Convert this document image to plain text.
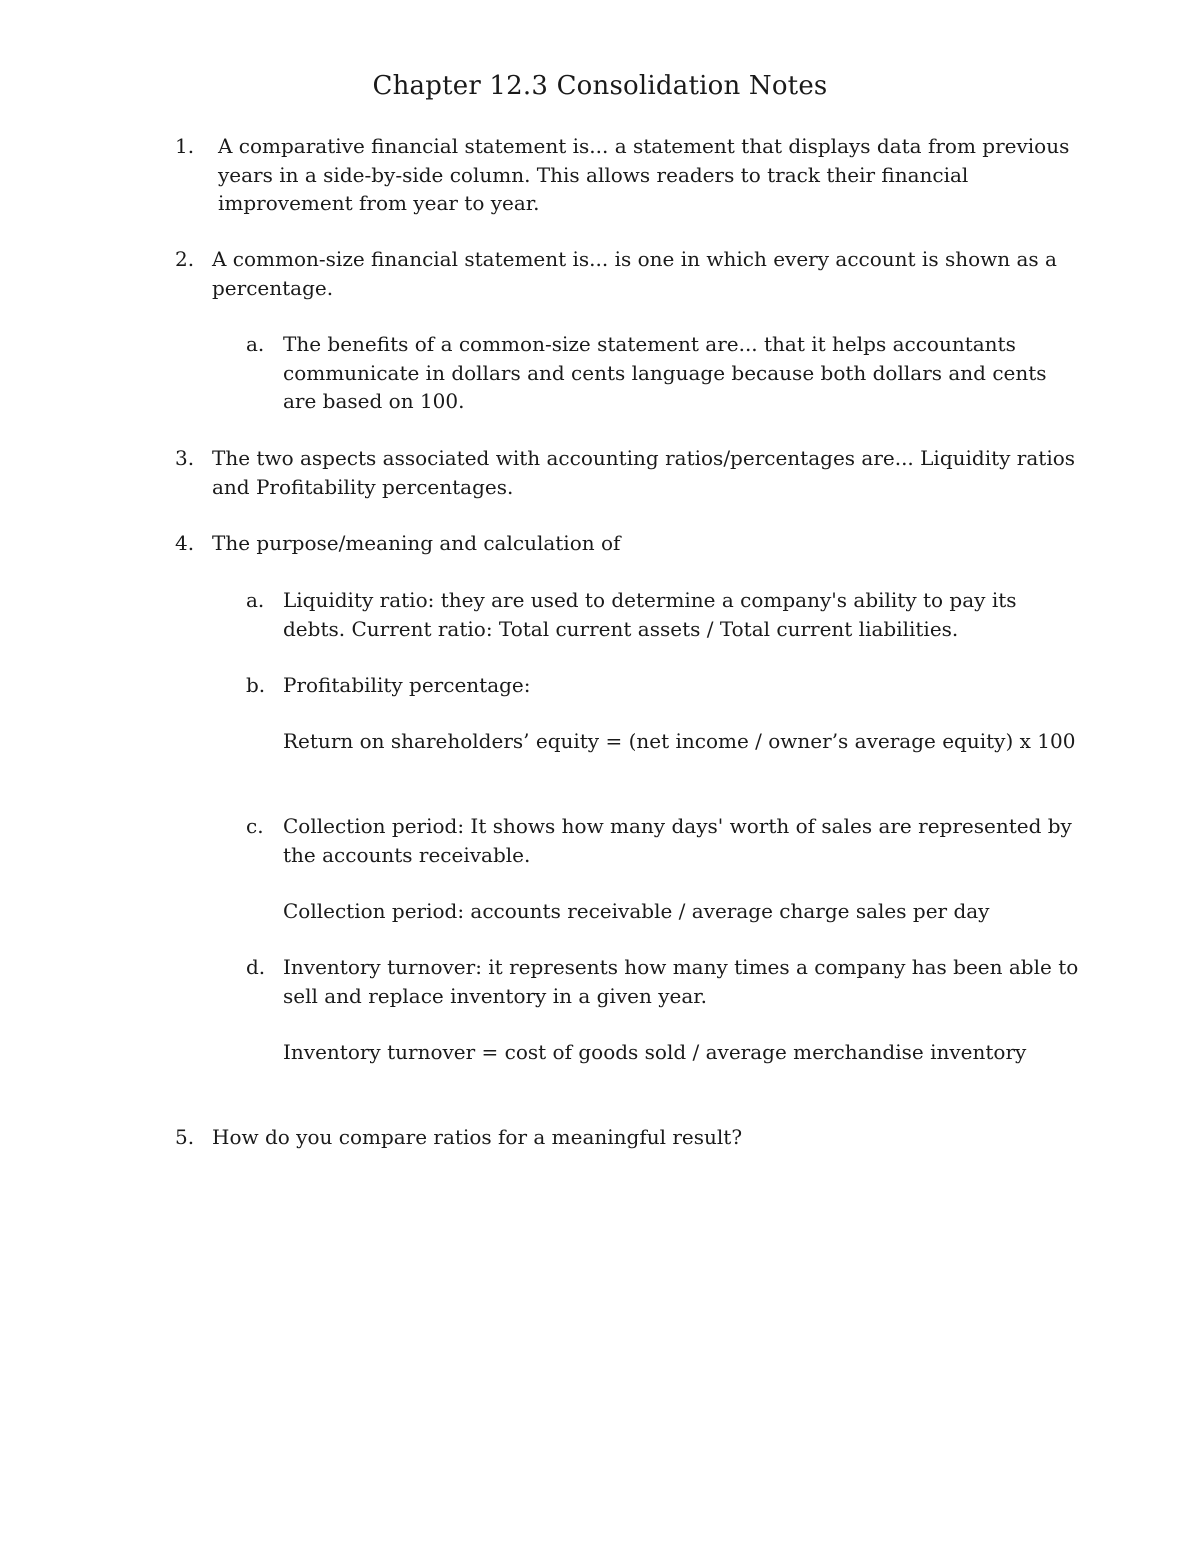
Chapter 12.3 Consolidation Notes
1.	A comparative financial statement is... a statement that displays data from previous years in a side-by-side column. This allows readers to track their financial improvement from year to year.
2. A common-size financial statement is... is one in which every account is shown as a percentage.
a. The benefits of a common-size statement are... that it helps accountants communicate in dollars and cents language because both dollars and cents are based on 100.
3. The two aspects associated with accounting ratios/percentages are... Liquidity ratios and Profitability percentages.
4. The purpose/meaning and calculation of
a. Liquidity ratio: they are used to determine a company's ability to pay its debts. Current ratio: Total current assets / Total current liabilities.
b. Profitability percentage:
Return on shareholders’ equity = (net income / owner’s average equity) x 100
c. Collection period: It shows how many days' worth of sales are represented by the accounts receivable.
Collection period: accounts receivable / average charge sales per day
d. Inventory turnover: it represents how many times a company has been able to sell and replace inventory in a given year.
Inventory turnover = cost of goods sold / average merchandise inventory
5. How do you compare ratios for a meaningful result?
